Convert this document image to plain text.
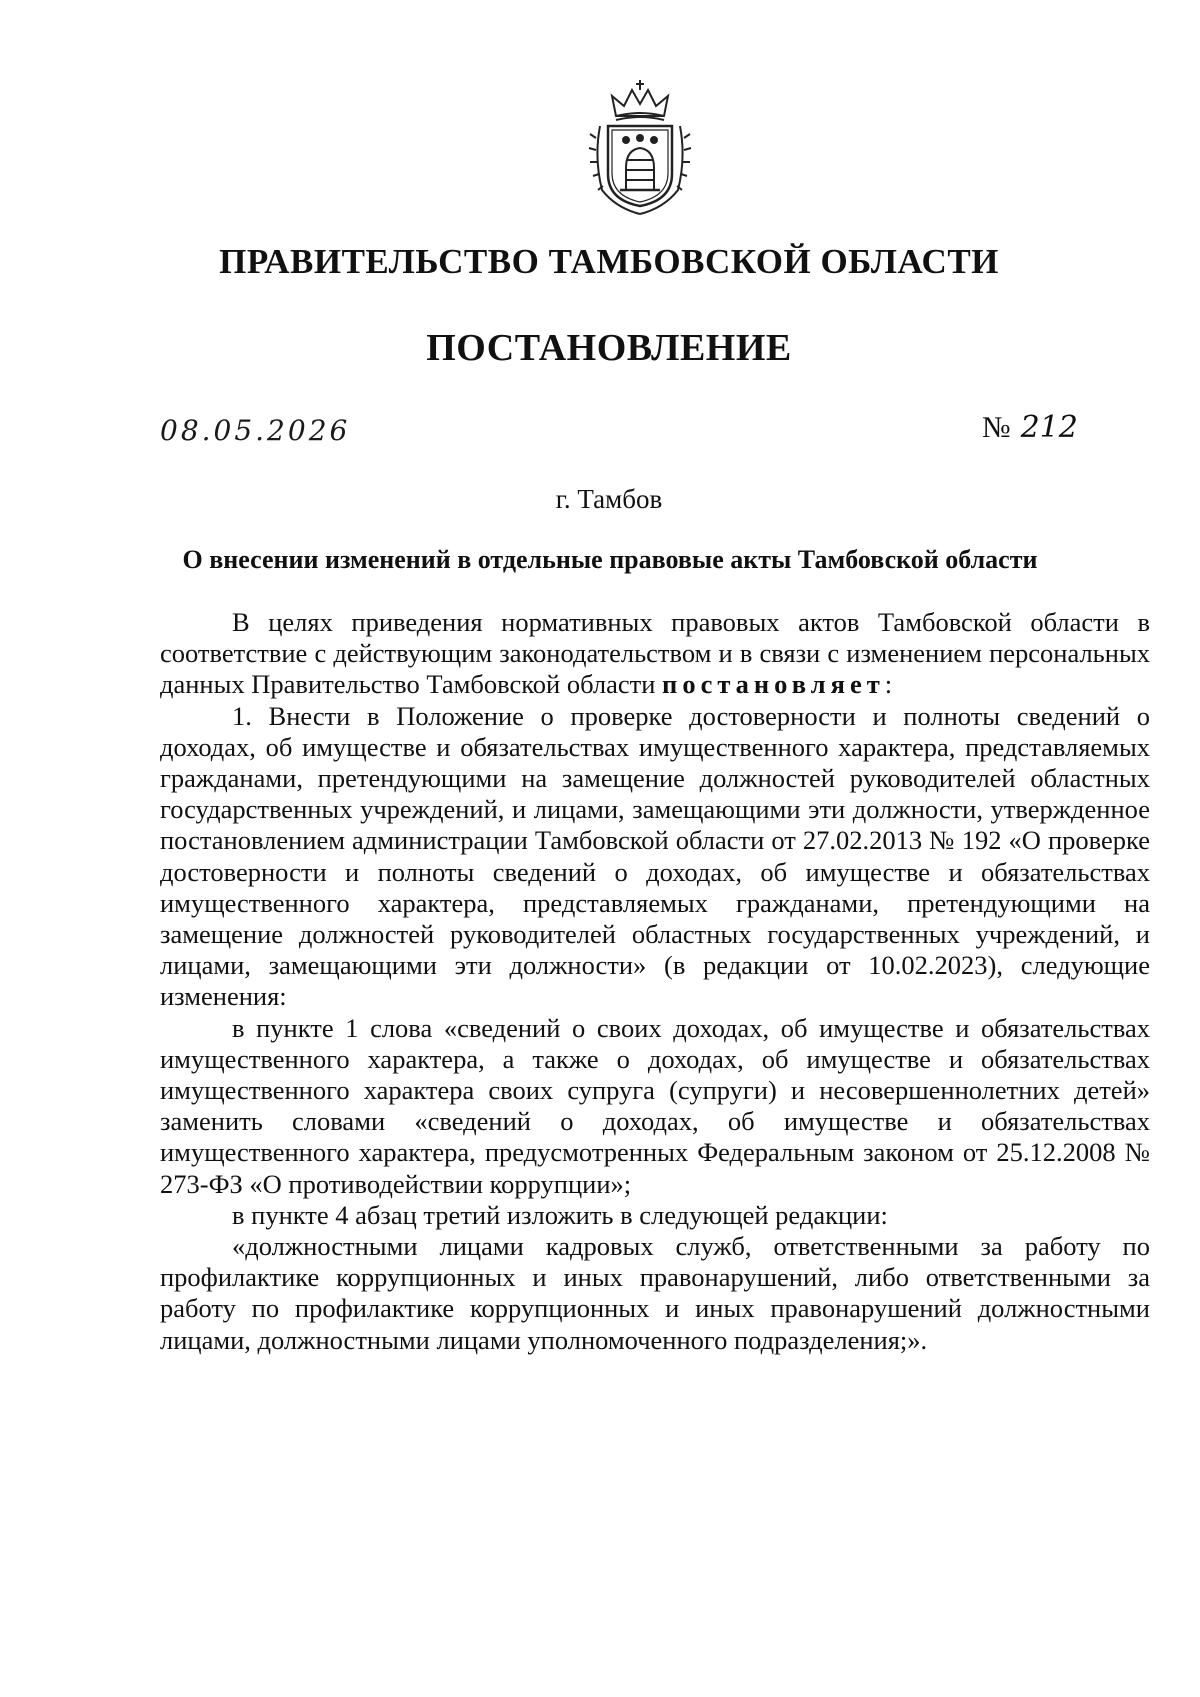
ПРАВИТЕЛЬСТВО ТАМБОВСКОЙ ОБЛАСТИ
ПОСТАНОВЛЕНИЕ
08.05.2026	№ 212
г. Тамбов
О внесении изменений в отдельные правовые акты Тамбовской области

В целях приведения нормативных правовых актов Тамбовской области в соответствие с действующим законодательством и в связи с изменением персональных данных Правительство Тамбовской области постановляет:

1. Внести в Положение о проверке достоверности и полноты сведений о доходах, об имуществе и обязательствах имущественного характера, представляемых гражданами, претендующими на замещение должностей руководителей областных государственных учреждений, и лицами, замещающими эти должности, утвержденное постановлением администрации Тамбовской области от 27.02.2013 № 192 «О проверке достоверности и полноты сведений о доходах, об имуществе и обязательствах имущественного характера, представляемых гражданами, претендующими на замещение должностей руководителей областных государственных учреждений, и лицами, замещающими эти должности» (в редакции от 10.02.2023), следующие изменения:

в пункте 1 слова «сведений о своих доходах, об имуществе и обязательствах имущественного характера, а также о доходах, об имуществе и обязательствах имущественного характера своих супруга (супруги) и несовершеннолетних детей» заменить словами «сведений о доходах, об имуществе и обязательствах имущественного характера, предусмотренных Федеральным законом от 25.12.2008 № 273-ФЗ «О противодействии коррупции»;

в пункте 4 абзац третий изложить в следующей редакции:

«должностными лицами кадровых служб, ответственными за работу по профилактике коррупционных и иных правонарушений, либо ответственными за работу по профилактике коррупционных и иных правонарушений должностными лицами, должностными лицами уполномоченного подразделения;».
